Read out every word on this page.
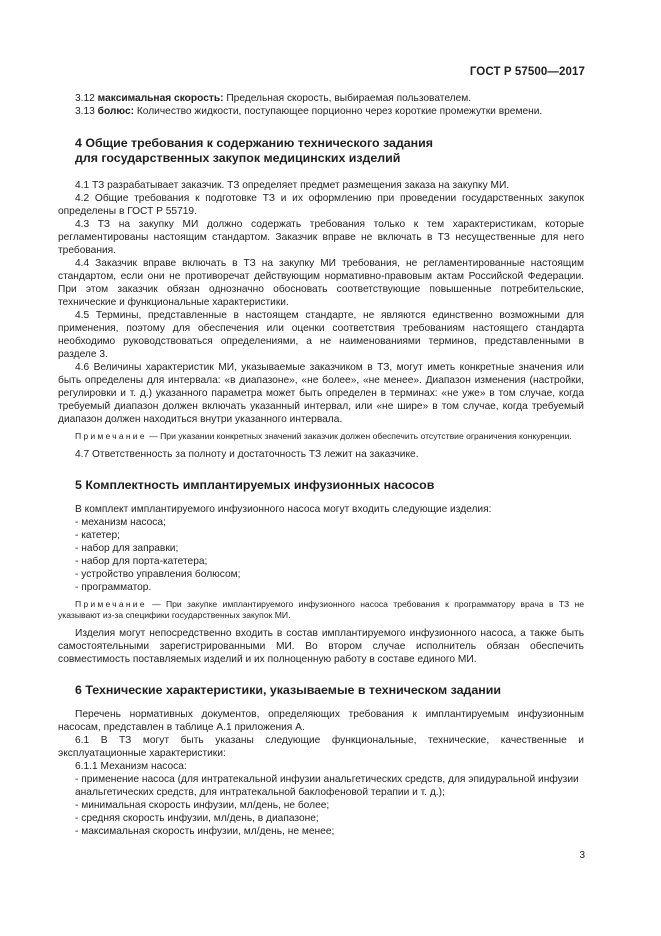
ГОСТ Р 57500—2017

3.12 максимальная скорость: Предельная скорость, выбираемая пользователем.

3.13 болюс: Количество жидкости, поступающее порционно через короткие промежутки времени.

4 Общие требования к содержанию технического задания
для государственных закупок медицинских изделий

4.1 ТЗ разрабатывает заказчик. ТЗ определяет предмет размещения заказа на закупку МИ.

4.2 Общие требования к подготовке ТЗ и их оформлению при проведении государственных закупок определены в ГОСТ Р 55719.

4.3 ТЗ на закупку МИ должно содержать требования только к тем характеристикам, которые регламентированы настоящим стандартом. Заказчик вправе не включать в ТЗ несущественные для него требования.

4.4 Заказчик вправе включать в ТЗ на закупку МИ требования, не регламентированные настоящим стандартом, если они не противоречат действующим нормативно-правовым актам Российской Федерации. При этом заказчик обязан однозначно обосновать соответствующие повышенные потребительские, технические и функциональные характеристики.

4.5 Термины, представленные в настоящем стандарте, не являются единственно возможными для применения, поэтому для обеспечения или оценки соответствия требованиям настоящего стандарта необходимо руководствоваться определениями, а не наименованиями терминов, представленными в разделе 3.

4.6 Величины характеристик МИ, указываемые заказчиком в ТЗ, могут иметь конкретные значения или быть определены для интервала: «в диапазоне», «не более», «не менее». Диапазон изменения (настройки, регулировки и т. д.) указанного параметра может быть определен в терминах: «не уже» в том случае, когда требуемый диапазон должен включать указанный интервал, или «не шире» в том случае, когда требуемый диапазон должен находиться внутри указанного интервала.

Примечание — При указании конкретных значений заказчик должен обеспечить отсутствие ограничения конкуренции.

4.7 Ответственность за полноту и достаточность ТЗ лежит на заказчике.

5 Комплектность имплантируемых инфузионных насосов

В комплект имплантируемого инфузионного насоса могут входить следующие изделия:

- механизм насоса;
- катетер;
- набор для заправки;
- набор для порта-катетера;
- устройство управления болюсом;
- программатор.

Примечание — При закупке имплантируемого инфузионного насоса требования к программатору врача в ТЗ не указывают из-за специфики государственных закупок МИ.

Изделия могут непосредственно входить в состав имплантируемого инфузионного насоса, а также быть самостоятельными зарегистрированными МИ. Во втором случае исполнитель обязан обеспечить совместимость поставляемых изделий и их полноценную работу в составе единого МИ.

6 Технические характеристики, указываемые в техническом задании

Перечень нормативных документов, определяющих требования к имплантируемым инфузионным насосам, представлен в таблице А.1 приложения А.

6.1 В ТЗ могут быть указаны следующие функциональные, технические, качественные и эксплуатационные характеристики:

6.1.1 Механизм насоса:

- применение насоса (для интратекальной инфузии анальгетических средств, для эпидуральной инфузии анальгетических средств, для интратекальной баклофеновой терапии и т. д.);
- минимальная скорость инфузии, мл/день, не более;
- средняя скорость инфузии, мл/день, в диапазоне;
- максимальная скорость инфузии, мл/день, не менее;
3
